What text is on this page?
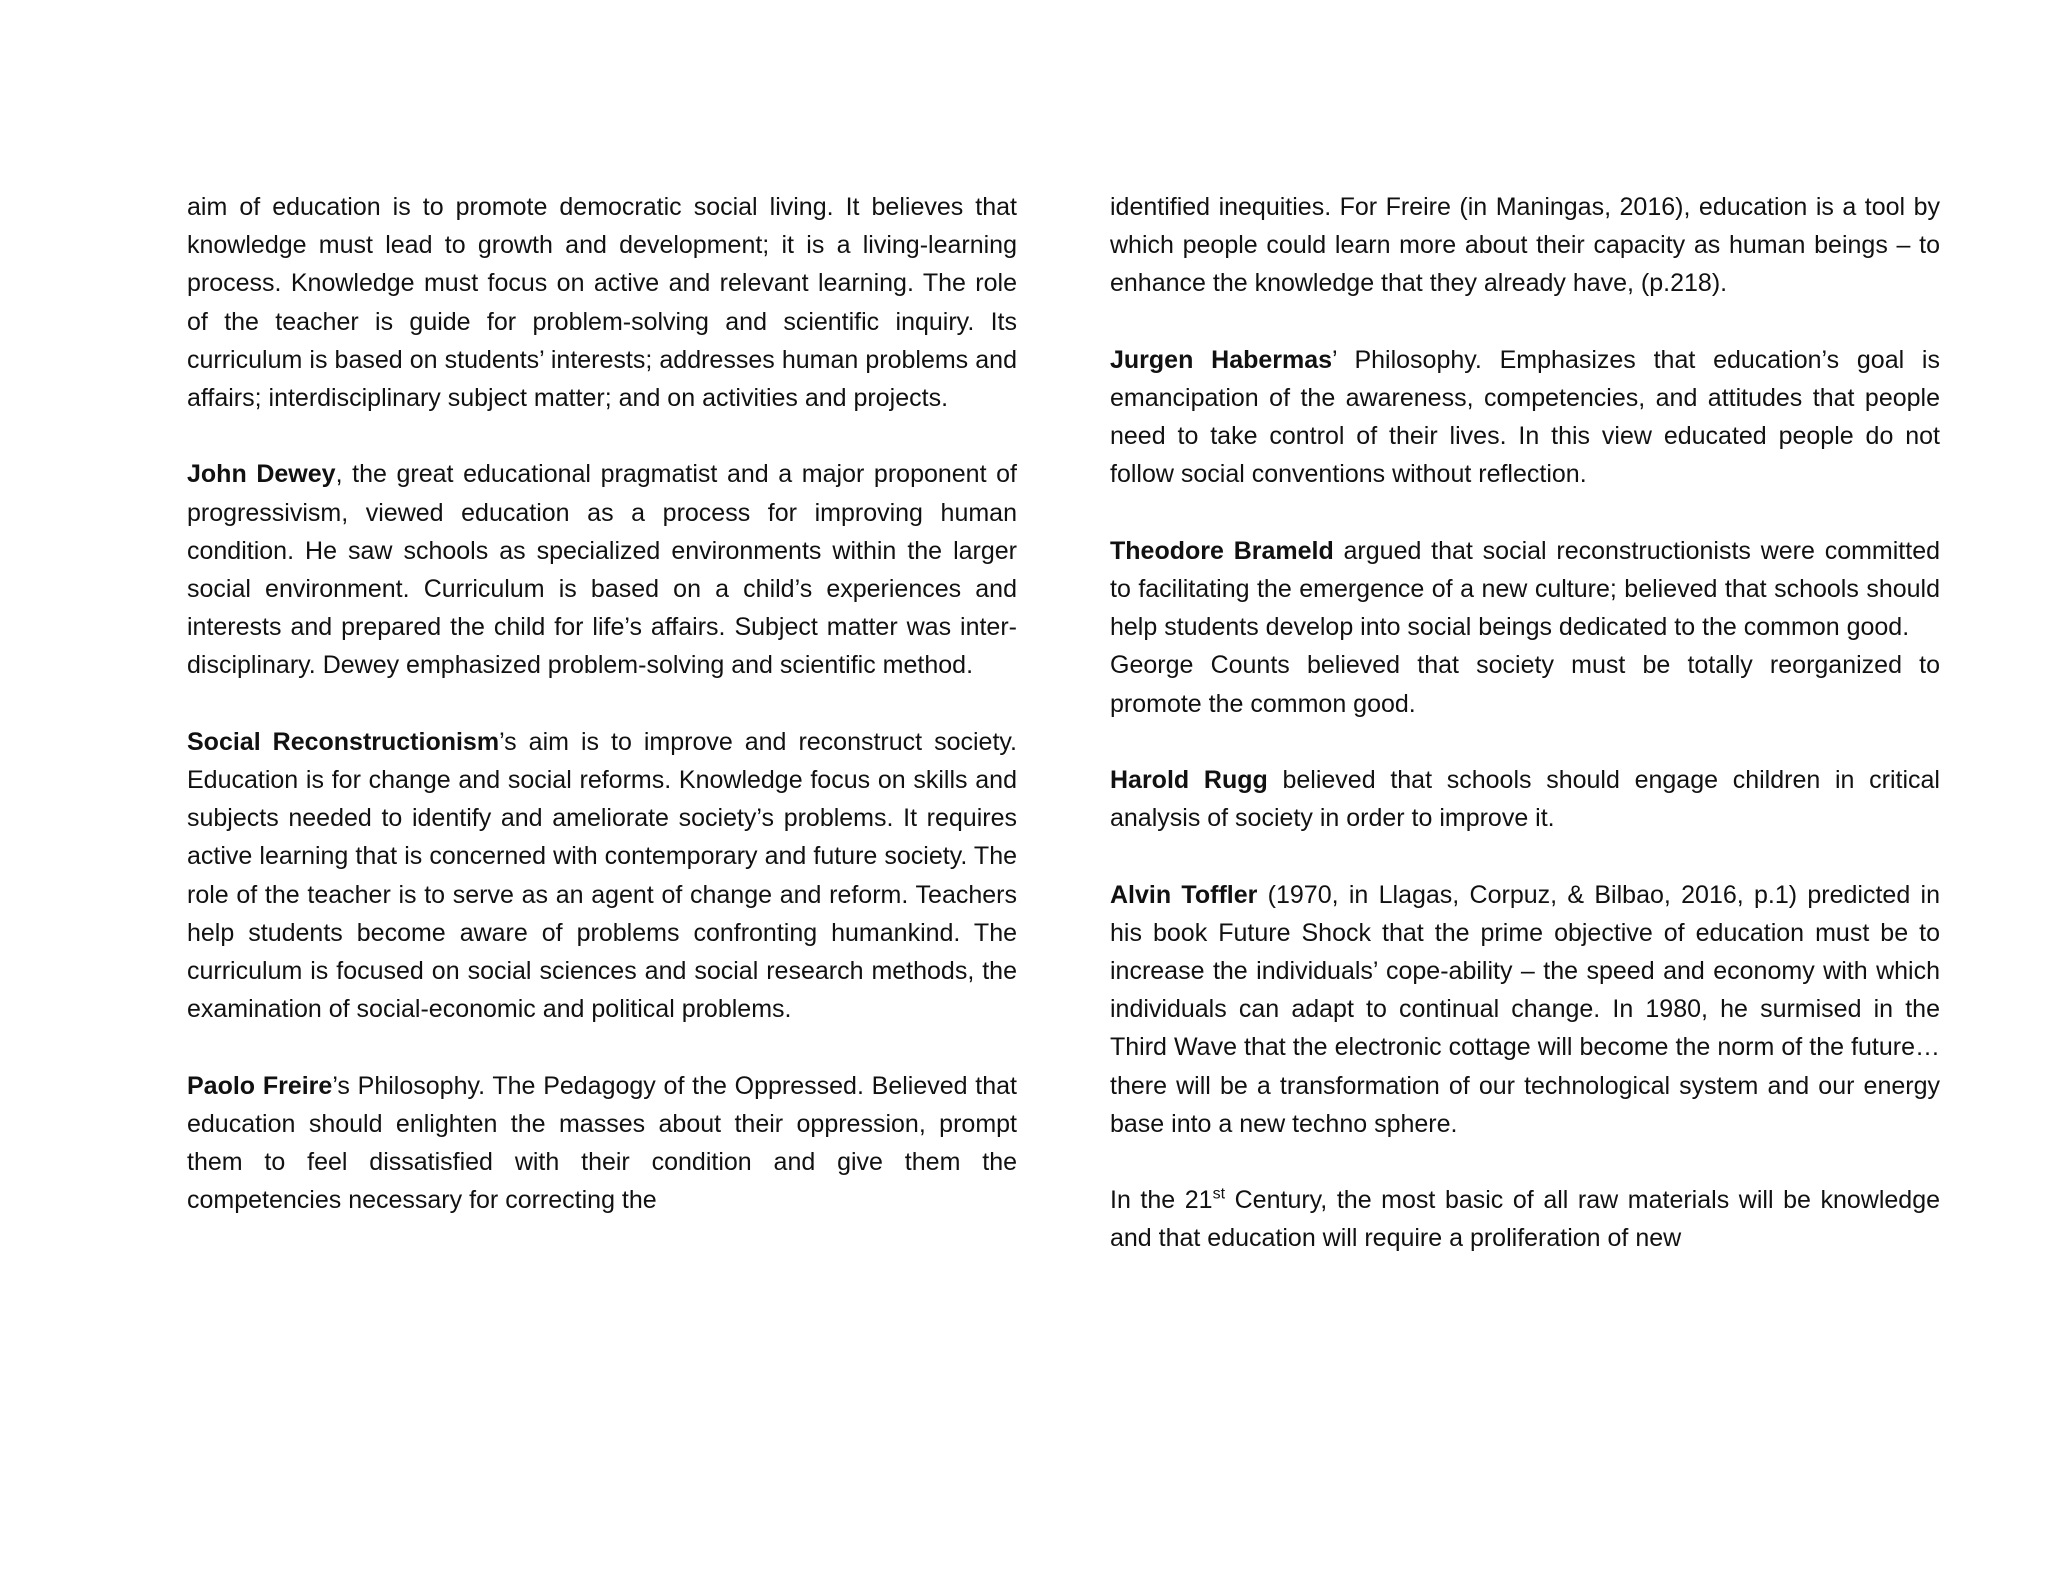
aim of education is to promote democratic social living. It believes that knowledge must lead to growth and development; it is a living-learning process. Knowledge must focus on active and relevant learning. The role of the teacher is guide for problem-solving and scientific inquiry. Its curriculum is based on students’ interests; addresses human problems and affairs; interdisciplinary subject matter; and on activities and projects.

John Dewey, the great educational pragmatist and a major proponent of progressivism, viewed education as a process for improving human condition. He saw schools as specialized environments within the larger social environment. Curriculum is based on a child’s experiences and interests and prepared the child for life’s affairs. Subject matter was inter-disciplinary. Dewey emphasized problem-solving and scientific method.

Social Reconstructionism’s aim is to improve and reconstruct society. Education is for change and social reforms. Knowledge focus on skills and subjects needed to identify and ameliorate society’s problems. It requires active learning that is concerned with contemporary and future society. The role of the teacher is to serve as an agent of change and reform. Teachers help students become aware of problems confronting humankind. The curriculum is focused on social sciences and social research methods, the examination of social-economic and political problems.

Paolo Freire’s Philosophy. The Pedagogy of the Oppressed. Believed that education should enlighten the masses about their oppression, prompt them to feel dissatisfied with their condition and give them the competencies necessary for correcting the

identified inequities. For Freire (in Maningas, 2016), education is a tool by which people could learn more about their capacity as human beings – to enhance the knowledge that they already have, (p.218).

Jurgen Habermas’ Philosophy. Emphasizes that education’s goal is emancipation of the awareness, competencies, and attitudes that people need to take control of their lives. In this view educated people do not follow social conventions without reflection.

Theodore Brameld argued that social reconstructionists were committed to facilitating the emergence of a new culture; believed that schools should help students develop into social beings dedicated to the common good.

George Counts believed that society must be totally reorganized to promote the common good.

Harold Rugg believed that schools should engage children in critical analysis of society in order to improve it.

Alvin Toffler (1970, in Llagas, Corpuz, & Bilbao, 2016, p.1) predicted in his book Future Shock that the prime objective of education must be to increase the individuals’ cope-ability – the speed and economy with which individuals can adapt to continual change. In 1980, he surmised in the Third Wave that the electronic cottage will become the norm of the future…there will be a transformation of our technological system and our energy base into a new techno sphere.

In the 21st Century, the most basic of all raw materials will be knowledge and that education will require a proliferation of new
